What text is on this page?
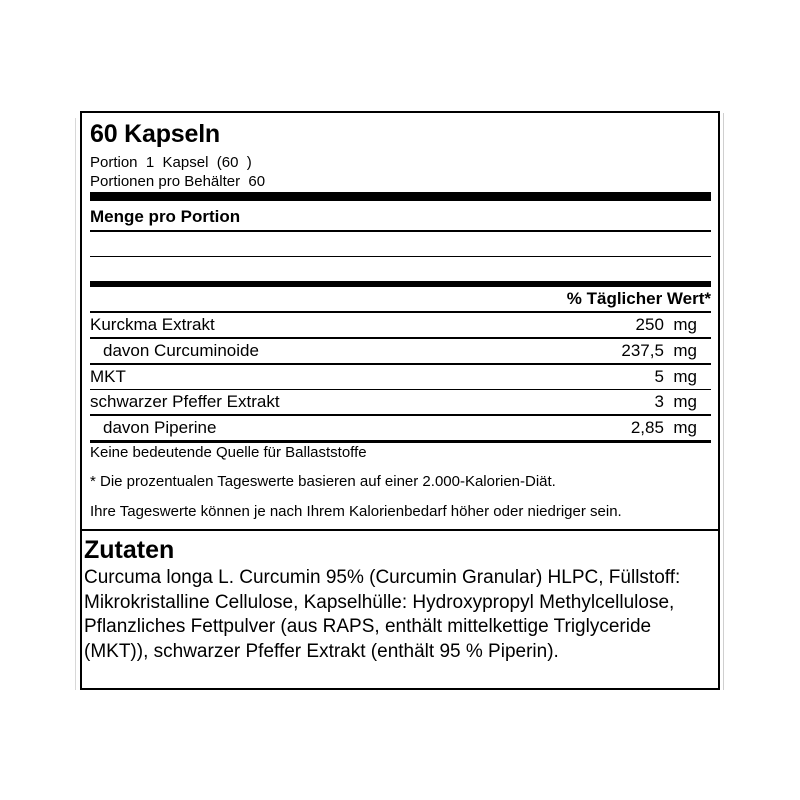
60 Kapseln
Portion  1  Kapsel  (60  )
Portionen pro Behälter  60
Menge pro Portion
% Täglicher Wert*
Kurckma Extrakt	250 mg
davon Curcuminoide	237,5 mg
MKT	5 mg
schwarzer Pfeffer Extrakt	3 mg
davon Piperine	2,85 mg
Keine bedeutende Quelle für Ballaststoffe
* Die prozentualen Tageswerte basieren auf einer 2.000-Kalorien-Diät.
Ihre Tageswerte können je nach Ihrem Kalorienbedarf höher oder niedriger sein.
Zutaten
Curcuma longa L. Curcumin 95% (Curcumin Granular) HLPC, Füllstoff: Mikrokristalline Cellulose, Kapselhülle: Hydroxypropyl Methylcellulose, Pflanzliches Fettpulver (aus RAPS, enthält mittelkettige Triglyceride (MKT)), schwarzer Pfeffer Extrakt (enthält 95 % Piperin).
